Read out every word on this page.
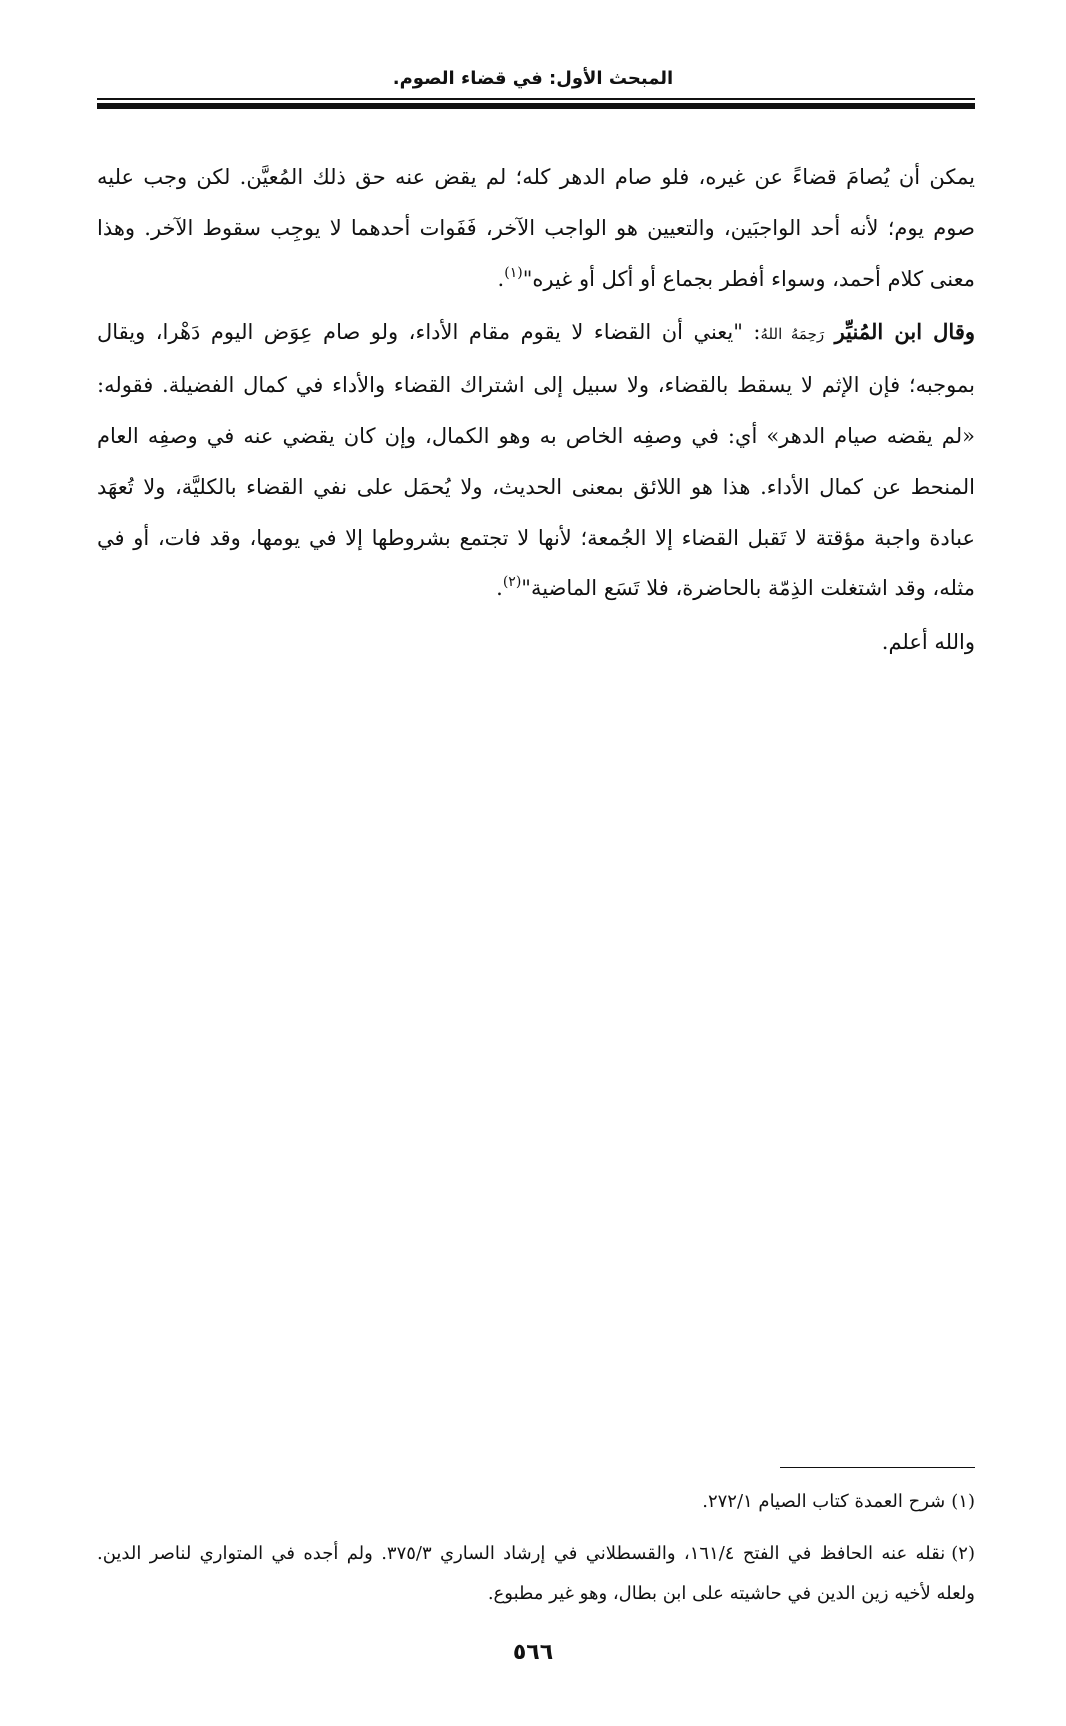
المبحث الأول: في قضاء الصوم.

يمكن أن يُصامَ قضاءً عن غيره، فلو صام الدهر كله؛ لم يقض عنه حق ذلك المُعيَّن. لكن وجب عليه صوم يوم؛ لأنه أحد الواجبَين، والتعيين هو الواجب الآخر، فَفَوات أحدهما لا يوجِب سقوط الآخر. وهذا معنى كلام أحمد، وسواء أفطر بجماع أو أكل أو غيره"$^{(١)}$.

وقال ابن المُنيِّر رَحِمَهُ اللهُ: "يعني أن القضاء لا يقوم مقام الأداء، ولو صام عِوَض اليوم دَهْرا، ويقال بموجبه؛ فإن الإثم لا يسقط بالقضاء، ولا سبيل إلى اشتراك القضاء والأداء في كمال الفضيلة. فقوله: «لم يقضه صيام الدهر» أي: في وصفِه الخاص به وهو الكمال، وإن كان يقضي عنه في وصفِه العام المنحط عن كمال الأداء. هذا هو اللائق بمعنى الحديث، ولا يُحمَل على نفي القضاء بالكليَّة، ولا تُعهَد عبادة واجبة مؤقتة لا تَقبل القضاء إلا الجُمعة؛ لأنها لا تجتمع بشروطها إلا في يومها، وقد فات، أو في مثله، وقد اشتغلت الذِمّة بالحاضرة، فلا تَسَع الماضية"$^{(٢)}$.

والله أعلم.

(١)شرح العمدة كتاب الصيام ٢٧٢/١.

(٢)نقله عنه الحافظ في الفتح ١٦١/٤، والقسطلاني في إرشاد الساري ٣٧٥/٣. ولم أجده في المتواري لناصر الدين. ولعله لأخيه زين الدين في حاشيته على ابن بطال، وهو غير مطبوع.

٥٦٦
